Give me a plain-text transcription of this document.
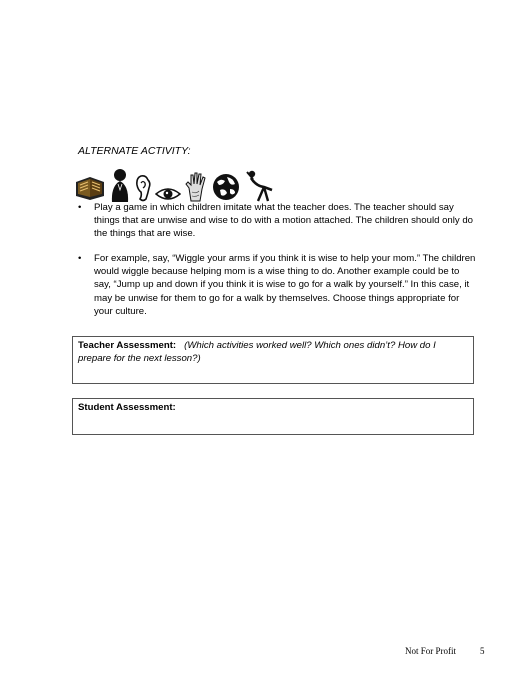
ALTERNATE ACTIVITY:
•	Play a game in which children imitate what the teacher does. The teacher should say things that are unwise and wise to do with a motion attached. The children should only do the things that are wise.
•	For example, say, “Wiggle your arms if you think it is wise to help your mom.” The children would wiggle because helping mom is a wise thing to do. Another example could be to say, “Jump up and down if you think it is wise to go for a walk by yourself.” In this case, it may be unwise for them to go for a walk by themselves. Choose things appropriate for your culture.
Teacher Assessment: (Which activities worked well? Which ones didn’t? How do I prepare for the next lesson?)
Student Assessment:
Not For Profit	5
